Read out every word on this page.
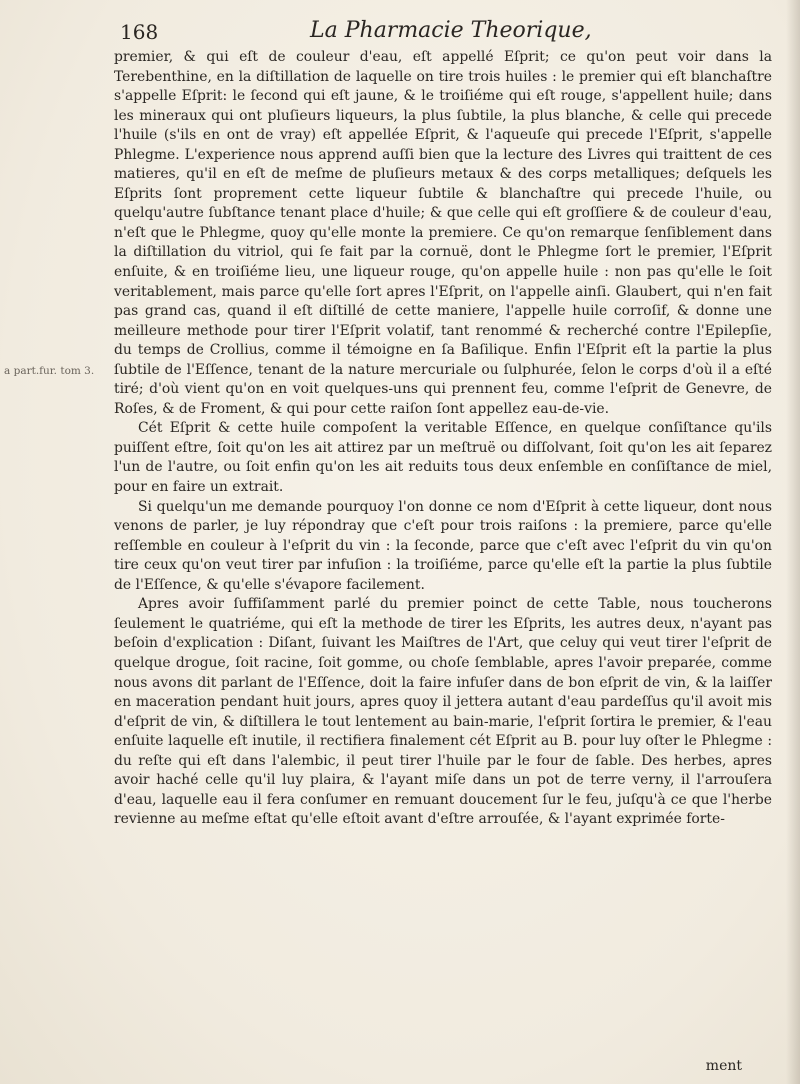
168	La Pharmacie Theorique,
a part.fur. tom 3.

premier, & qui eſt de couleur d'eau, eſt appellé Eſprit; ce qu'on peut voir dans la Terebenthine, en la diſtillation de laquelle on tire trois huiles : le premier qui eſt blanchaſtre s'appelle Eſprit: le ſecond qui eſt jaune, & le troiſiéme qui eſt rouge, s'appellent huile; dans les mineraux qui ont pluſieurs liqueurs, la plus ſubtile, la plus blanche, & celle qui precede l'huile (s'ils en ont de vray) eſt appellée Eſprit, & l'aqueuſe qui precede l'Eſprit, s'appelle Phlegme. L'experience nous apprend auſſi bien que la lecture des Livres qui traittent de ces matieres, qu'il en eſt de meſme de pluſieurs metaux & des corps metalliques; deſquels les Eſprits ſont proprement cette liqueur ſubtile & blanchaſtre qui precede l'huile, ou quelqu'autre ſubſtance tenant place d'huile; & que celle qui eſt groſſiere & de couleur d'eau, n'eſt que le Phlegme, quoy qu'elle monte la premiere. Ce qu'on remarque ſenſiblement dans la diſtillation du vitriol, qui ſe fait par la cornuë, dont le Phlegme ſort le premier, l'Eſprit enſuite, & en troiſiéme lieu, une liqueur rouge, qu'on appelle huile : non pas qu'elle le ſoit veritablement, mais parce qu'elle ſort apres l'Eſprit, on l'appelle ainſi. Glaubert, qui n'en fait pas grand cas, quand il eſt diſtillé de cette maniere, l'appelle huile corroſif, & donne une meilleure methode pour tirer l'Eſprit volatif, tant renommé & recherché contre l'Epilepſie, du temps de Crollius, comme il témoigne en ſa Baſilique. Enfin l'Eſprit eſt la partie la plus ſubtile de l'Eſſence, tenant de la nature mercuriale ou ſulphurée, ſelon le corps d'où il a eſté tiré; d'où vient qu'on en voit quelques-uns qui prennent feu, comme l'eſprit de Genevre, de Roſes, & de Froment, & qui pour cette raiſon ſont appellez eau-de-vie.

Cét Eſprit & cette huile compoſent la veritable Eſſence, en quelque conſiſtance qu'ils puiſſent eſtre, ſoit qu'on les ait attirez par un meſtruë ou diſſolvant, ſoit qu'on les ait ſeparez l'un de l'autre, ou ſoit enfin qu'on les ait reduits tous deux enſemble en conſiſtance de miel, pour en faire un extrait.

Si quelqu'un me demande pourquoy l'on donne ce nom d'Eſprit à cette liqueur, dont nous venons de parler, je luy répondray que c'eſt pour trois raiſons : la premiere, parce qu'elle reſſemble en couleur à l'eſprit du vin : la ſeconde, parce que c'eſt avec l'eſprit du vin qu'on tire ceux qu'on veut tirer par infuſion : la troiſiéme, parce qu'elle eſt la partie la plus ſubtile de l'Eſſence, & qu'elle s'évapore facilement.

Apres avoir ſuffiſamment parlé du premier poinct de cette Table, nous toucherons ſeulement le quatriéme, qui eſt la methode de tirer les Eſprits, les autres deux, n'ayant pas beſoin d'explication : Diſant, ſuivant les Maiſtres de l'Art, que celuy qui veut tirer l'eſprit de quelque drogue, ſoit racine, ſoit gomme, ou choſe ſemblable, apres l'avoir preparée, comme nous avons dit parlant de l'Eſſence, doit la faire infuſer dans de bon eſprit de vin, & la laiſſer en maceration pendant huit jours, apres quoy il jettera autant d'eau pardeſſus qu'il avoit mis d'eſprit de vin, & diſtillera le tout lentement au bain-marie, l'eſprit ſortira le premier, & l'eau enſuite laquelle eſt inutile, il rectifiera finalement cét Eſprit au B. pour luy oſter le Phlegme : du reſte qui eſt dans l'alembic, il peut tirer l'huile par le four de ſable. Des herbes, apres avoir haché celle qu'il luy plaira, & l'ayant miſe dans un pot de terre verny, il l'arrouſera d'eau, laquelle eau il fera conſumer en remuant doucement ſur le feu, juſqu'à ce que l'herbe revienne au meſme eſtat qu'elle eſtoit avant d'eſtre arrouſée, & l'ayant exprimée forte-

ment
